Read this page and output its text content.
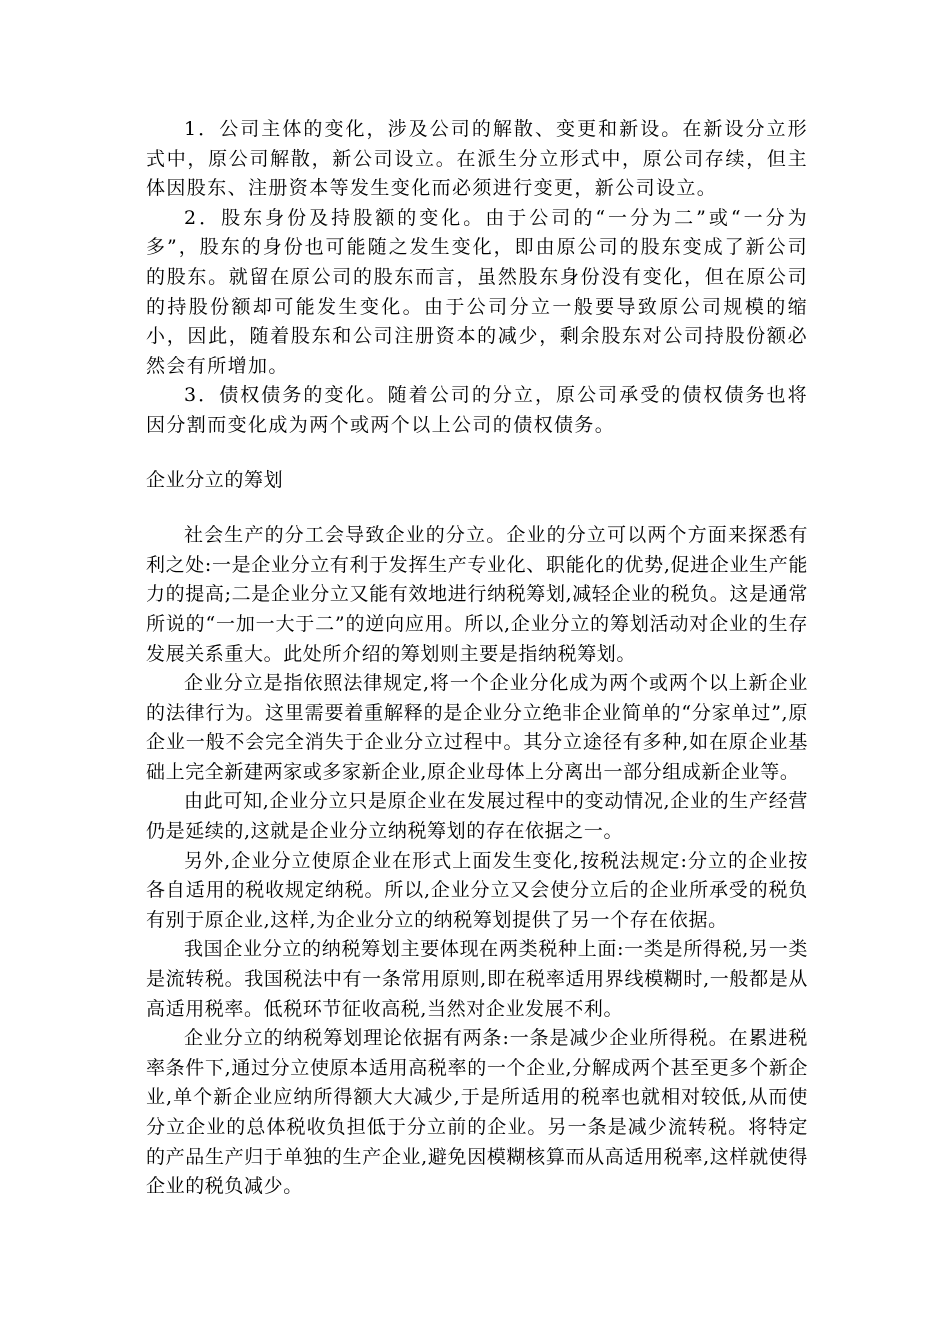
1．公司主体的变化，涉及公司的解散、变更和新设。在新设分立形式中，原公司解散，新公司设立。在派生分立形式中，原公司存续，但主体因股东、注册资本等发生变化而必须进行变更，新公司设立。

2．股东身份及持股额的变化。由于公司的“一分为二”或“一分为多”，股东的身份也可能随之发生变化，即由原公司的股东变成了新公司的股东。就留在原公司的股东而言，虽然股东身份没有变化，但在原公司的持股份额却可能发生变化。由于公司分立一般要导致原公司规模的缩小，因此，随着股东和公司注册资本的减少，剩余股东对公司持股份额必然会有所增加。

3．债权债务的变化。随着公司的分立，原公司承受的债权债务也将因分割而变化成为两个或两个以上公司的债权债务。

企业分立的筹划

社会生产的分工会导致企业的分立。企业的分立可以两个方面来探悉有利之处:一是企业分立有利于发挥生产专业化、职能化的优势,促进企业生产能力的提高;二是企业分立又能有效地进行纳税筹划,减轻企业的税负。这是通常所说的“一加一大于二”的逆向应用。所以,企业分立的筹划活动对企业的生存发展关系重大。此处所介绍的筹划则主要是指纳税筹划。

企业分立是指依照法律规定,将一个企业分化成为两个或两个以上新企业的法律行为。这里需要着重解释的是企业分立绝非企业简单的“分家单过”,原企业一般不会完全消失于企业分立过程中。其分立途径有多种,如在原企业基础上完全新建两家或多家新企业,原企业母体上分离出一部分组成新企业等。

由此可知,企业分立只是原企业在发展过程中的变动情况,企业的生产经营仍是延续的,这就是企业分立纳税筹划的存在依据之一。

另外,企业分立使原企业在形式上面发生变化,按税法规定:分立的企业按各自适用的税收规定纳税。所以,企业分立又会使分立后的企业所承受的税负有别于原企业,这样,为企业分立的纳税筹划提供了另一个存在依据。

我国企业分立的纳税筹划主要体现在两类税种上面:一类是所得税,另一类是流转税。我国税法中有一条常用原则,即在税率适用界线模糊时,一般都是从高适用税率。低税环节征收高税,当然对企业发展不利。

企业分立的纳税筹划理论依据有两条:一条是减少企业所得税。在累进税率条件下,通过分立使原本适用高税率的一个企业,分解成两个甚至更多个新企业,单个新企业应纳所得额大大减少,于是所适用的税率也就相对较低,从而使分立企业的总体税收负担低于分立前的企业。另一条是减少流转税。将特定的产品生产归于单独的生产企业,避免因模糊核算而从高适用税率,这样就使得企业的税负减少。
